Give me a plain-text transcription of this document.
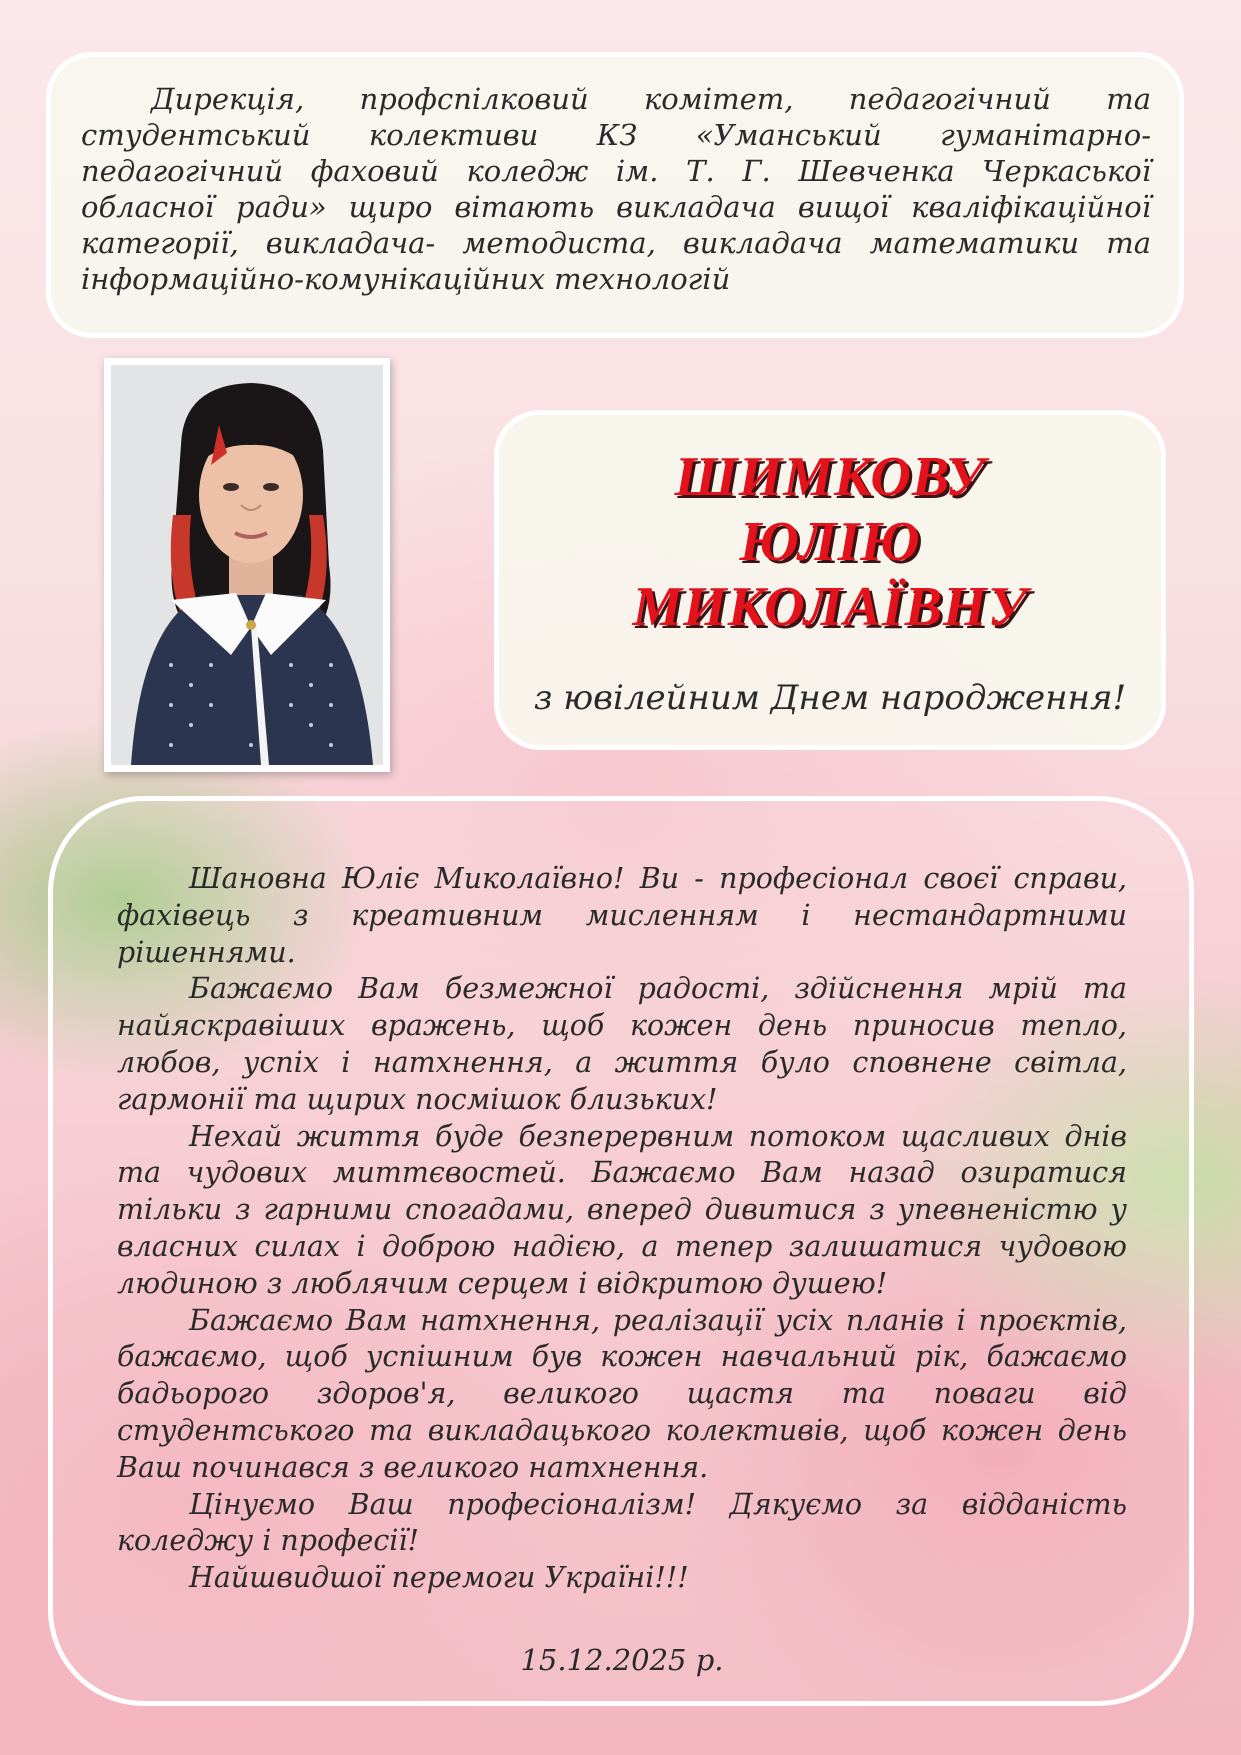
Дирекція, профспілковий комітет, педагогічний та студентський колективи КЗ «Уманський гуманітарно-педагогічний фаховий коледж ім. Т. Г. Шевченка Черкаської обласної ради» щиро вітають викладача вищої кваліфікаційної категорії, викладача- методиста, викладача математики та інформаційно-комунікаційних технологій

ШИМКОВУ
ЮЛІЮ
МИКОЛАЇВНУ
з ювілейним Днем народження!

Шановна Юліє Миколаївно! Ви - професіонал своєї справи, фахівець з креативним мисленням і нестандартними рішеннями.

Бажаємо Вам безмежної радості, здійснення мрій та найяскравіших вражень, щоб кожен день приносив тепло, любов, успіх і натхнення, а життя було сповнене світла, гармонії та щирих посмішок близьких!

Нехай життя буде безперервним потоком щасливих днів та чудових миттєвостей. Бажаємо Вам назад озиратися тільки з гарними спогадами, вперед дивитися з упевненістю у власних силах і доброю надією, а тепер залишатися чудовою людиною з люблячим серцем і відкритою душею!

Бажаємо Вам натхнення, реалізації усіх планів і проєктів, бажаємо, щоб успішним був кожен навчальний рік, бажаємо бадьорого здоров'я, великого щастя та поваги від студентського та викладацького колективів, щоб кожен день Ваш починався з великого натхнення.

Цінуємо Ваш професіоналізм! Дякуємо за відданість коледжу і професії!

Найшвидшої перемоги Україні!!!

15.12.2025 р.
